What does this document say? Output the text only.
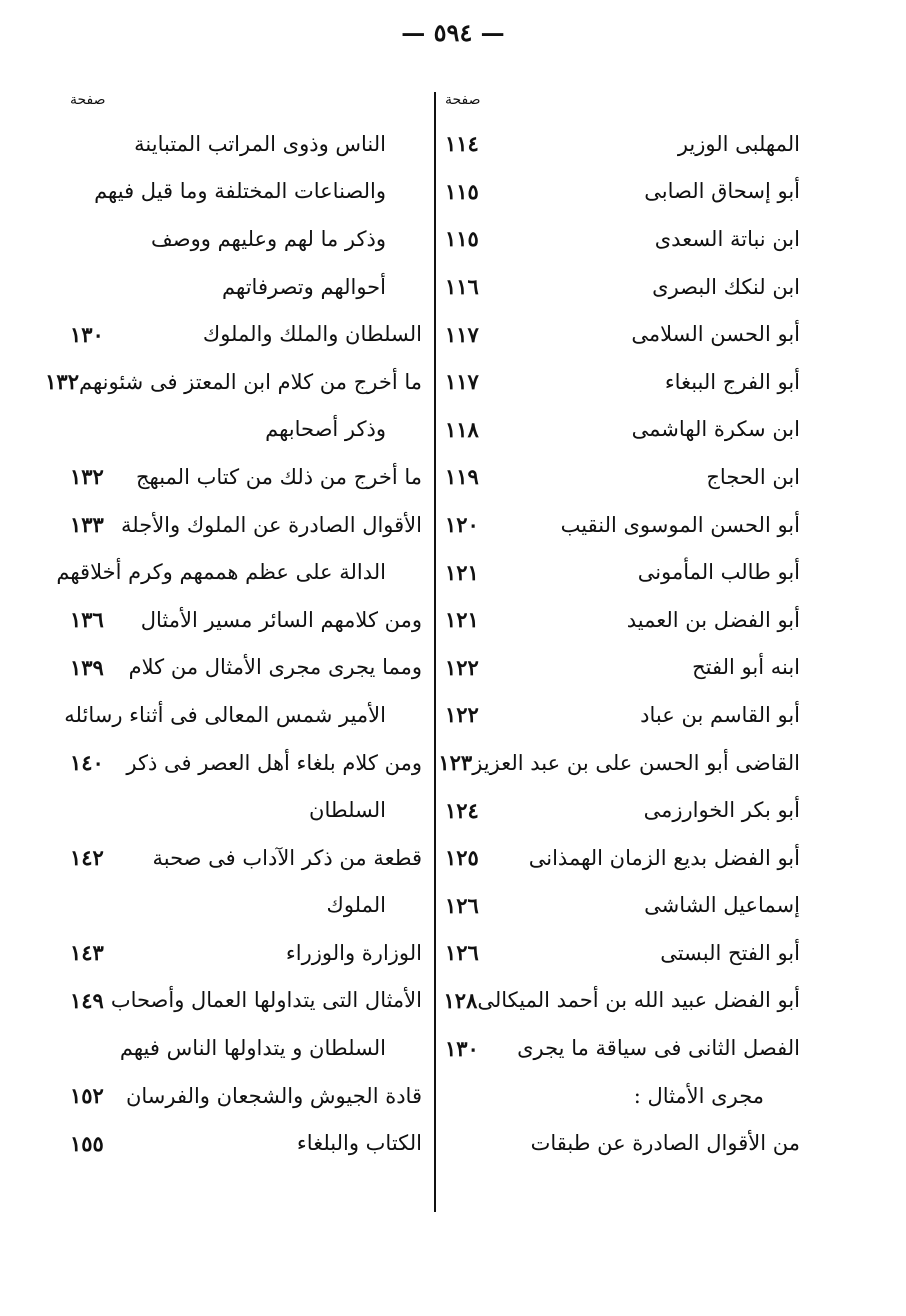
— ٥٩٤ —
صفحة
صفحة
المهلبى الوزير
١١٤
أبو إسحاق الصابى
١١٥
ابن نباتة السعدى
١١٥
ابن لنكك البصرى
١١٦
أبو الحسن السلامى
١١٧
أبو الفرج الببغاء
١١٧
ابن سكرة الهاشمى
١١٨
ابن الحجاج
١١٩
أبو الحسن الموسوى النقيب
١٢٠
أبو طالب المأمونى
١٢١
أبو الفضل بن العميد
١٢١
ابنه أبو الفتح
١٢٢
أبو القاسم بن عباد
١٢٢
القاضى أبو الحسن على بن عبد العزيز
١٢٣
أبو بكر الخوارزمى
١٢٤
أبو الفضل بديع الزمان الهمذانى
١٢٥
إسماعيل الشاشى
١٢٦
أبو الفتح البستى
١٢٦
أبو الفضل عبيد الله بن أحمد الميكالى
١٢٨
الفصل الثانى فى سياقة ما يجرى
١٣٠
مجرى الأمثال :
من الأقوال الصادرة عن طبقات
الناس وذوى المراتب المتباينة
والصناعات المختلفة وما قيل فيهم
وذكر ما لهم وعليهم ووصف
أحوالهم وتصرفاتهم
السلطان والملك والملوك
١٣٠
ما أخرج من كلام ابن المعتز فى شئونهم
١٣٢
وذكر أصحابهم
ما أخرج من ذلك من كتاب المبهج
١٣٢
الأقوال الصادرة عن الملوك والأجلة
١٣٣
الدالة على عظم هممهم وكرم أخلاقهم
ومن كلامهم السائر مسير الأمثال
١٣٦
ومما يجرى مجرى الأمثال من كلام
١٣٩
الأمير شمس المعالى فى أثناء رسائله
ومن كلام بلغاء أهل العصر فى ذكر
١٤٠
السلطان
قطعة من ذكر الآداب فى صحبة
١٤٢
الملوك
الوزارة والوزراء
١٤٣
الأمثال التى يتداولها العمال وأصحاب
١٤٩
السلطان و يتداولها الناس فيهم
قادة الجيوش والشجعان والفرسان
١٥٢
الكتاب والبلغاء
١٥٥
